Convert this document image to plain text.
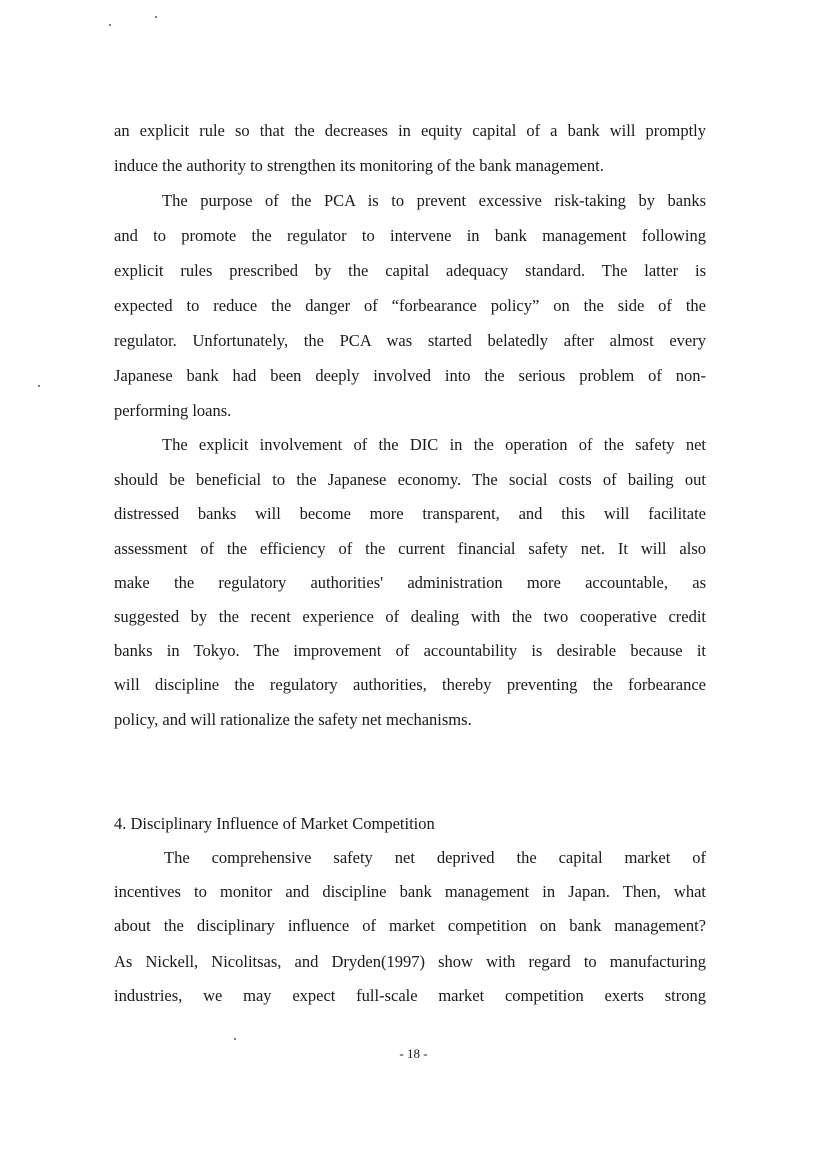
an explicit rule so that the decreases in equity capital of a bank will promptly
induce the authority to strengthen its monitoring of the bank management.
The purpose of the PCA is to prevent excessive risk-taking by banks
and to promote the regulator to intervene in bank management following
explicit rules prescribed by the capital adequacy standard. The latter is
expected to reduce the danger of “forbearance policy” on the side of the
regulator. Unfortunately, the PCA was started belatedly after almost every
Japanese bank had been deeply involved into the serious problem of non-
performing loans.
The explicit involvement of the DIC in the operation of the safety net
should be beneficial to the Japanese economy. The social costs of bailing out
distressed banks will become more transparent, and this will facilitate
assessment of the efficiency of the current financial safety net. It will also
make the regulatory authorities' administration more accountable, as
suggested by the recent experience of dealing with the two cooperative credit
banks in Tokyo. The improvement of accountability is desirable because it
will discipline the regulatory authorities, thereby preventing the forbearance
policy, and will rationalize the safety net mechanisms.
4. Disciplinary Influence of Market Competition
The comprehensive safety net deprived the capital market of
incentives to monitor and discipline bank management in Japan. Then, what
about the disciplinary influence of market competition on bank management?
As Nickell, Nicolitsas, and Dryden(1997) show with regard to manufacturing
industries, we may expect full-scale market competition exerts strong
- 18 -
